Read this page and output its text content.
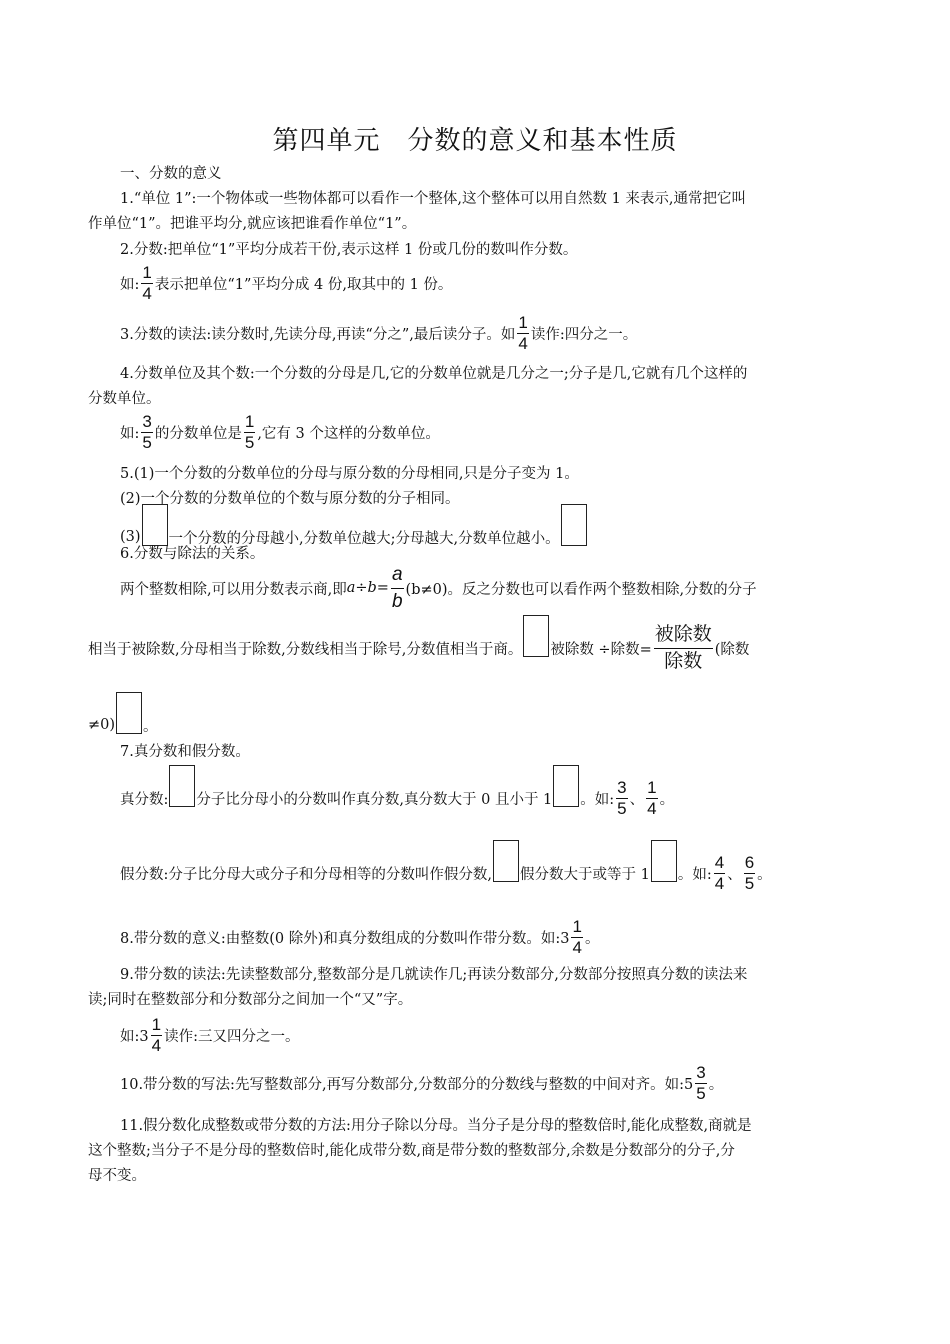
第四单元　分数的意义和基本性质
一、分数的意义
1.“单位 1”:一个物体或一些物体都可以看作一个整体,这个整体可以用自然数 1 来表示,通常把它叫
作单位“1”。把谁平均分,就应该把谁看作单位“1”。
2.分数:把单位“1”平均分成若干份,表示这样 1 份或几份的数叫作分数。
如: $\frac{1}{4}$ 表示把单位“1”平均分成 4 份,取其中的 1 份。
3.分数的读法:读分数时,先读分母,再读“分之”,最后读分子。如 $\frac{1}{4}$ 读作:四分之一。
4.分数单位及其个数:一个分数的分母是几,它的分数单位就是几分之一;分子是几,它就有几个这样的
分数单位。
如: $\frac{3}{5}$ 的分数单位是 $\frac{1}{5}$ ,它有 3 个这样的分数单位。
5.(1)一个分数的分数单位的分母与原分数的分母相同,只是分子变为 1。
(2)一个分数的分数单位的个数与原分数的分子相同。
(3) 一个分数的分母越小,分数单位越大;分母越大,分数单位越小。
6.分数与除法的关系。
两个整数相除,可以用分数表示商,即 $a\div b= \frac{a}{b} (b\ne 0)$。反之分数也可以看作两个整数相除,分数的分子
相当于被除数,分母相当于除数,分数线相当于除号,分数值相当于商。 被除数 ÷除数= $\frac{\text{被除数}}{\text{除数}}$ (除数
≠0) 。
7.真分数和假分数。
真分数: 分子比分母小的分数叫作真分数,真分数大于 0 且小于 1 。如: $\frac{3}{5}$ 、 $\frac{1}{4}$ 。
假分数:分子比分母大或分子和分母相等的分数叫作假分数, 假分数大于或等于 1 。如: $\frac{4}{4}$ 、 $\frac{6}{5}$ 。
8.带分数的意义:由整数(0 除外)和真分数组成的分数叫作带分数。如:3 $\frac{1}{4}$ 。
9.带分数的读法:先读整数部分,整数部分是几就读作几;再读分数部分,分数部分按照真分数的读法来
读;同时在整数部分和分数部分之间加一个“又”字。
如:3 $\frac{1}{4}$ 读作:三又四分之一。
10.带分数的写法:先写整数部分,再写分数部分,分数部分的分数线与整数的中间对齐。如:5 $\frac{3}{5}$ 。
11.假分数化成整数或带分数的方法:用分子除以分母。当分子是分母的整数倍时,能化成整数,商就是
这个整数;当分子不是分母的整数倍时,能化成带分数,商是带分数的整数部分,余数是分数部分的分子,分
母不变。
